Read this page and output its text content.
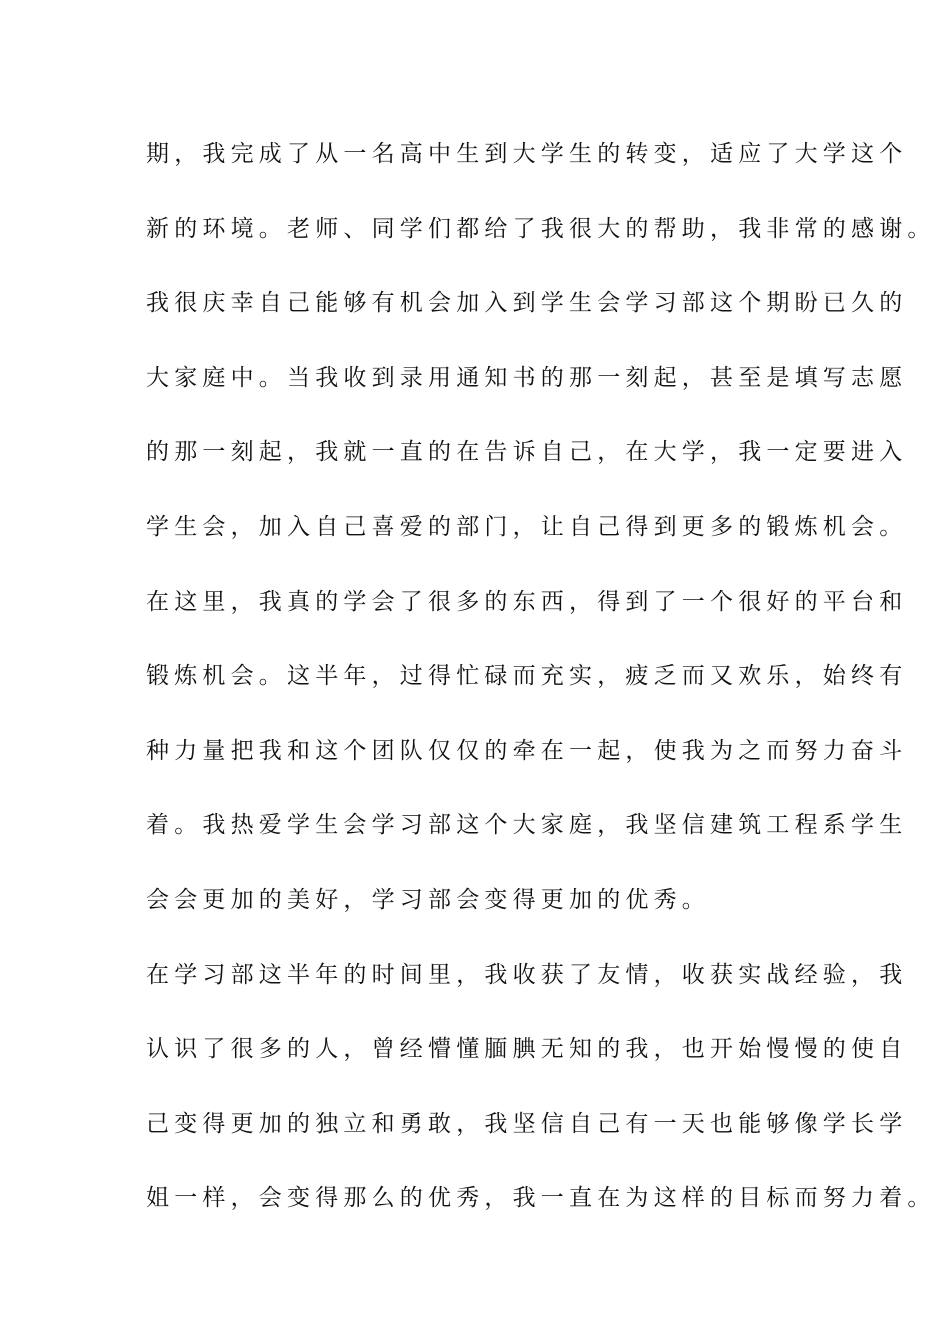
期，我完成了从一名高中生到大学生的转变，适应了大学这个
新的环境。老师、同学们都给了我很大的帮助，我非常的感谢。
我很庆幸自己能够有机会加入到学生会学习部这个期盼已久的
大家庭中。当我收到录用通知书的那一刻起，甚至是填写志愿
的那一刻起，我就一直的在告诉自己，在大学，我一定要进入
学生会，加入自己喜爱的部门，让自己得到更多的锻炼机会。
在这里，我真的学会了很多的东西，得到了一个很好的平台和
锻炼机会。这半年，过得忙碌而充实，疲乏而又欢乐，始终有
种力量把我和这个团队仅仅的牵在一起，使我为之而努力奋斗
着。我热爱学生会学习部这个大家庭，我坚信建筑工程系学生
会会更加的美好，学习部会变得更加的优秀。
在学习部这半年的时间里，我收获了友情，收获实战经验，我
认识了很多的人，曾经懵懂腼腆无知的我，也开始慢慢的使自
己变得更加的独立和勇敢，我坚信自己有一天也能够像学长学
姐一样，会变得那么的优秀，我一直在为这样的目标而努力着。
